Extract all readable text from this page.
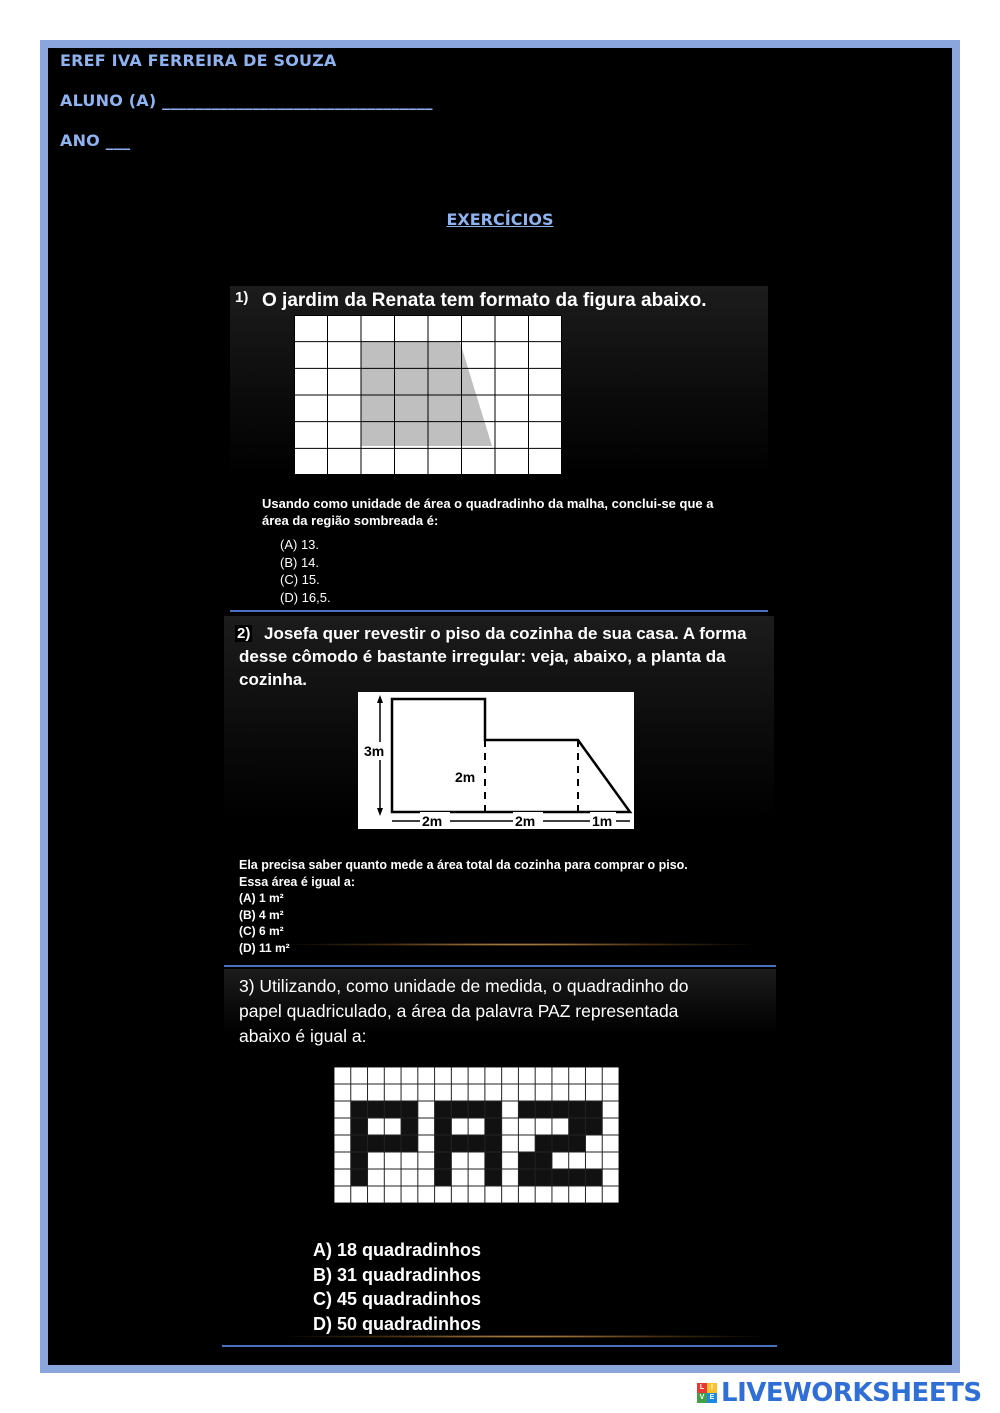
EREF IVA FERREIRA DE SOUZA
ALUNO (A) _________________________________
ANO ___
EXERCÍCIOS
1) O jardim da Renata tem formato da figura abaixo.
Usando como unidade de área o quadradinho da malha, conclui-se que a
área da região sombreada é:
(A) 13.
(B) 14.
(C) 15.
(D) 16,5.
2) Josefa quer revestir o piso da cozinha de sua casa. A forma
desse cômodo é bastante irregular: veja, abaixo, a planta da
cozinha.
3m
2m
2m	2m	1m
Ela precisa saber quanto mede a área total da cozinha para comprar o piso.
Essa área é igual a:
(A) 1 m²
(B) 4 m²
(C) 6 m²
(D) 11 m²
3) Utilizando, como unidade de medida, o quadradinho do
papel quadriculado, a área da palavra PAZ representada
abaixo é igual a:
A) 18 quadradinhos
B) 31 quadradinhos
C) 45 quadradinhos
D) 50 quadradinhos
L I
V E LIVEWORKSHEETS
